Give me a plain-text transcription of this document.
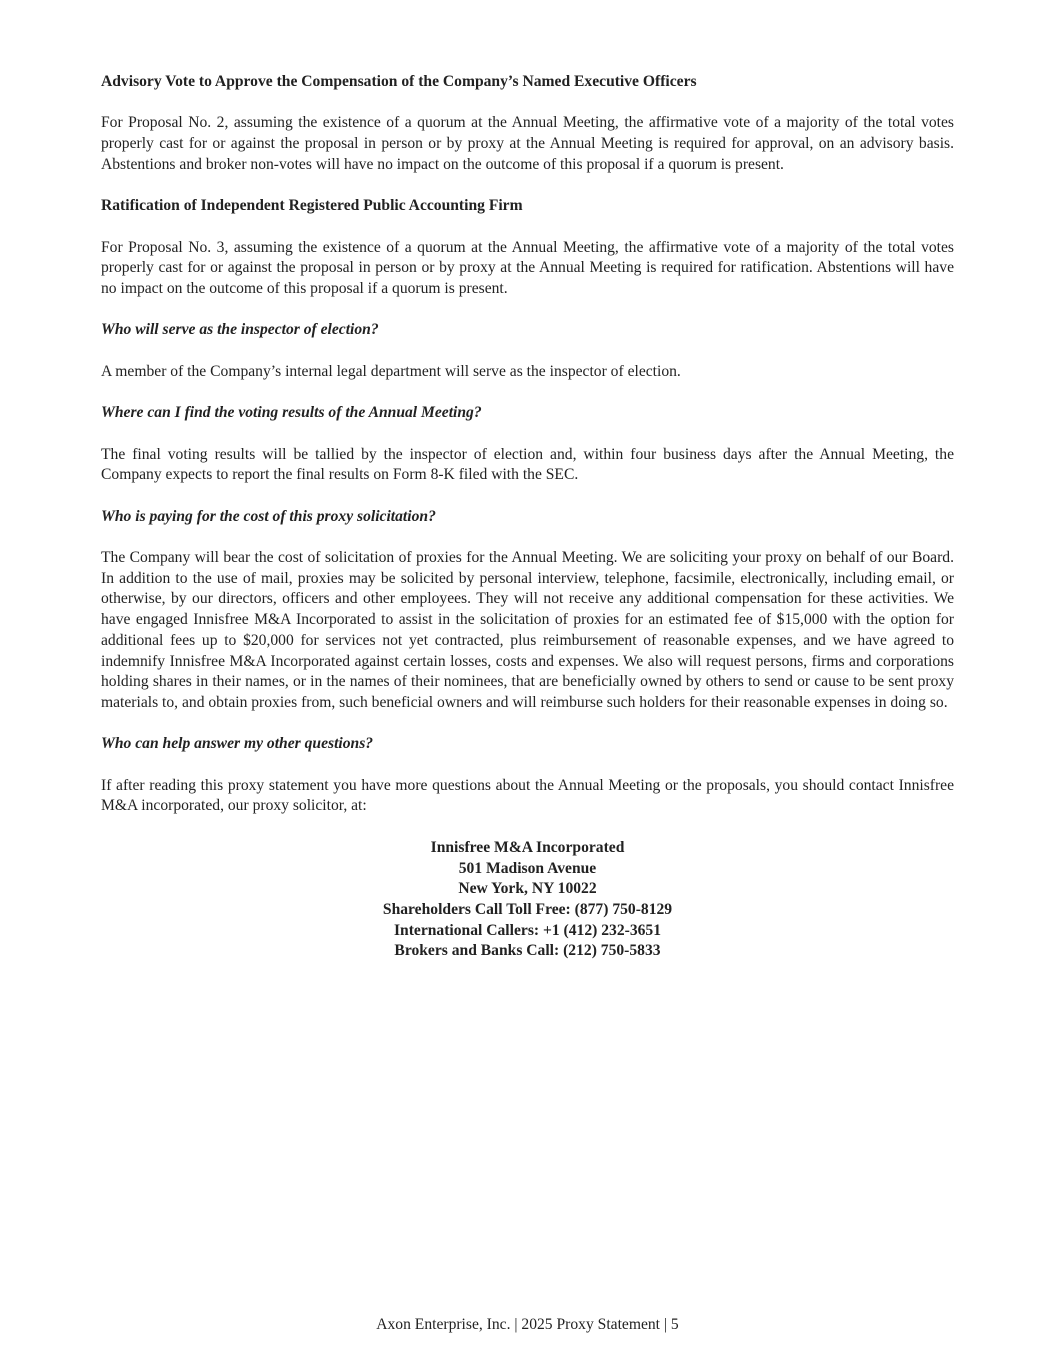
Advisory Vote to Approve the Compensation of the Company’s Named Executive Officers
For Proposal No. 2, assuming the existence of a quorum at the Annual Meeting, the affirmative vote of a majority of the total votes properly cast for or against the proposal in person or by proxy at the Annual Meeting is required for approval, on an advisory basis. Abstentions and broker non-votes will have no impact on the outcome of this proposal if a quorum is present.
Ratification of Independent Registered Public Accounting Firm
For Proposal No. 3, assuming the existence of a quorum at the Annual Meeting, the affirmative vote of a majority of the total votes properly cast for or against the proposal in person or by proxy at the Annual Meeting is required for ratification. Abstentions will have no impact on the outcome of this proposal if a quorum is present.
Who will serve as the inspector of election?
A member of the Company’s internal legal department will serve as the inspector of election.
Where can I find the voting results of the Annual Meeting?
The final voting results will be tallied by the inspector of election and, within four business days after the Annual Meeting, the Company expects to report the final results on Form 8-K filed with the SEC.
Who is paying for the cost of this proxy solicitation?
The Company will bear the cost of solicitation of proxies for the Annual Meeting. We are soliciting your proxy on behalf of our Board. In addition to the use of mail, proxies may be solicited by personal interview, telephone, facsimile, electronically, including email, or otherwise, by our directors, officers and other employees. They will not receive any additional compensation for these activities. We have engaged Innisfree M&A Incorporated to assist in the solicitation of proxies for an estimated fee of $15,000 with the option for additional fees up to $20,000 for services not yet contracted, plus reimbursement of reasonable expenses, and we have agreed to indemnify Innisfree M&A Incorporated against certain losses, costs and expenses. We also will request persons, firms and corporations holding shares in their names, or in the names of their nominees, that are beneficially owned by others to send or cause to be sent proxy materials to, and obtain proxies from, such beneficial owners and will reimburse such holders for their reasonable expenses in doing so.
Who can help answer my other questions?
If after reading this proxy statement you have more questions about the Annual Meeting or the proposals, you should contact Innisfree M&A incorporated, our proxy solicitor, at:
Innisfree M&A Incorporated
501 Madison Avenue
New York, NY 10022
Shareholders Call Toll Free: (877) 750-8129
International Callers: +1 (412) 232-3651
Brokers and Banks Call: (212) 750-5833
Axon Enterprise, Inc. | 2025 Proxy Statement | 5
